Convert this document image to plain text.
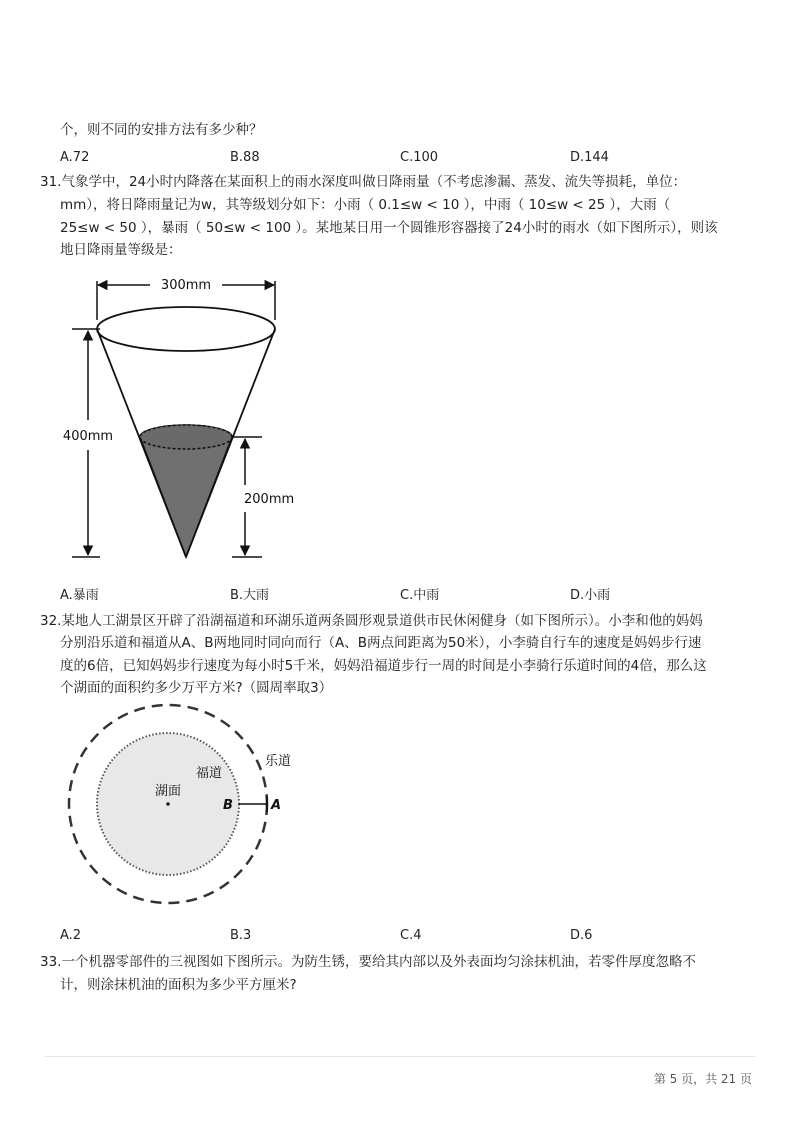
个，则不同的安排方法有多少种？
A.72	B.88	C.100	D.144
31.气象学中，24小时内降落在某面积上的雨水深度叫做日降雨量（不考虑渗漏、蒸发、流失等损耗，单位：
mm），将日降雨量记为w，其等级划分如下：小雨（ 0.1≤w < 10 ），中雨（ 10≤w < 25 ），大雨（
25≤w < 50 ），暴雨（ 50≤w < 100 ）。某地某日用一个圆锥形容器接了24小时的雨水（如下图所示），则该
地日降雨量等级是：
300mm
400mm
200mm
A.暴雨	B.大雨	C.中雨	D.小雨
32.某地人工湖景区开辟了沿湖福道和环湖乐道两条圆形观景道供市民休闲健身（如下图所示）。小李和他的妈妈
分别沿乐道和福道从A、B两地同时同向而行（A、B两点间距离为50米），小李骑自行车的速度是妈妈步行速
度的6倍，已知妈妈步行速度为每小时5千米，妈妈沿福道步行一周的时间是小李骑行乐道时间的4倍，那么这
个湖面的面积约多少万平方米?（圆周率取3）
湖面
福道
乐道
B	A
A.2	B.3	C.4	D.6
33.一个机器零部件的三视图如下图所示。为防生锈，要给其内部以及外表面均匀涂抹机油，若零件厚度忽略不
计，则涂抹机油的面积为多少平方厘米?
第 5 页，共 21 页
